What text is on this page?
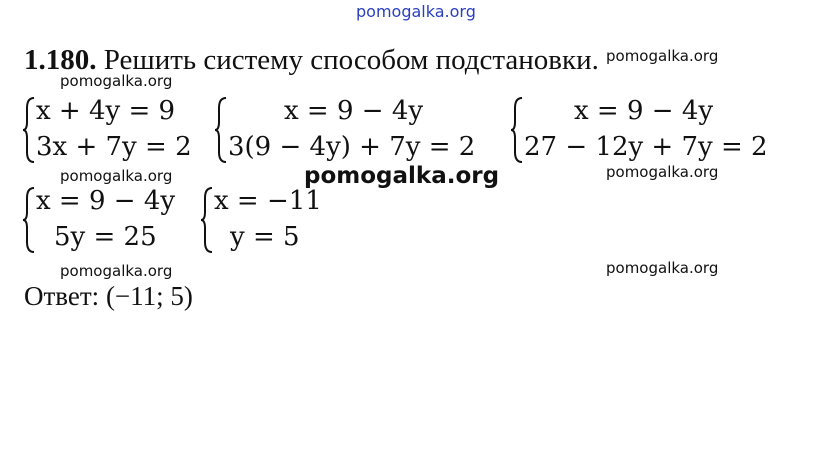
pomogalka.org
pomogalka.org
pomogalka.org
pomogalka.org	pomogalka.org
pomogalka.org	pomogalka.org
pomogalka.org
1.180. Решить систему способом подстановки.
x + 4y = 9
3x + 7y = 2
x = 9 − 4y
3(9 − 4y) + 7y = 2
x = 9 − 4y
27 − 12y + 7y = 2
x = 9 − 4y
5y = 25
x = −11
y = 5
Ответ: (−11; 5)
